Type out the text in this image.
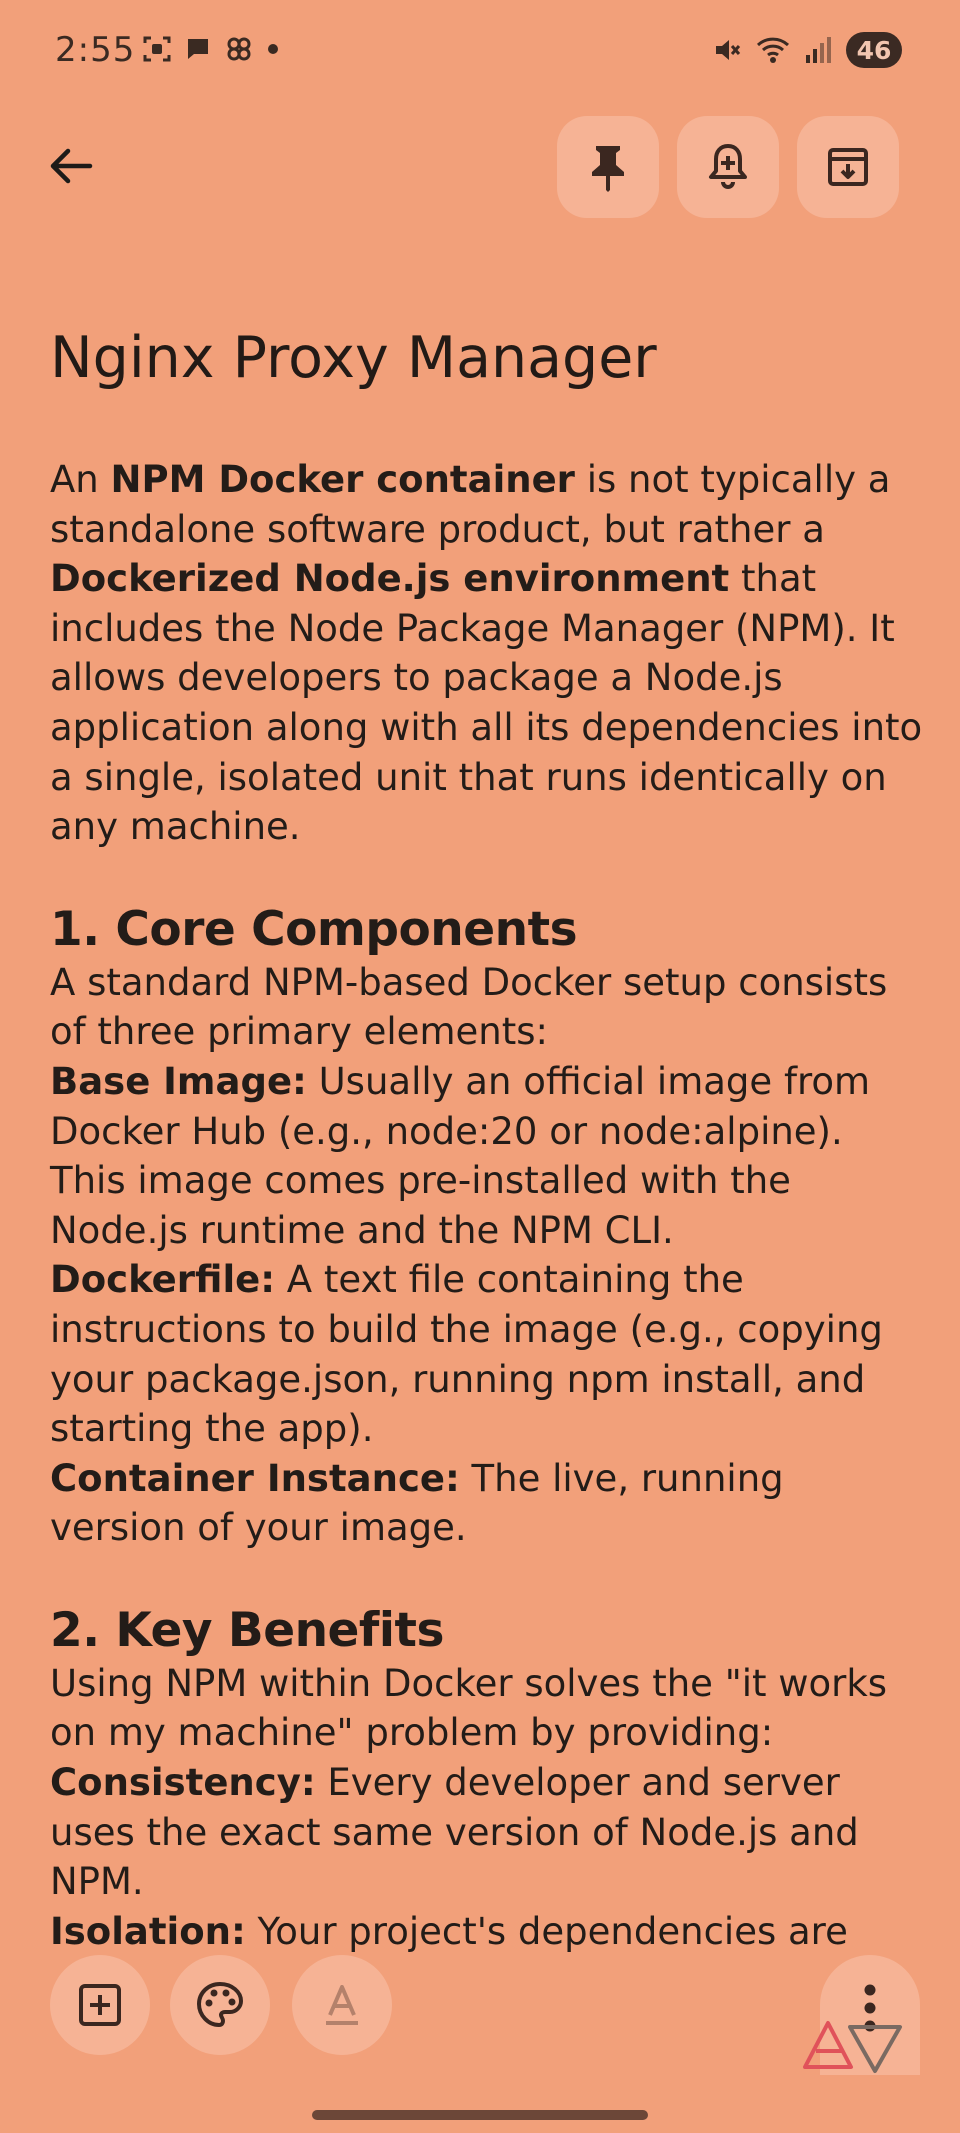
2:55	46
Nginx Proxy Manager

An NPM Docker container is not typically a standalone software product, but rather a Dockerized Node.js environment that includes the Node Package Manager (NPM). It allows developers to package a Node.js application along with all its dependencies into a single, isolated unit that runs identically on any machine.

1. Core Components

A standard NPM-based Docker setup consists of three primary elements:

Base Image: Usually an official image from Docker Hub (e.g., node:20 or node:alpine). This image comes pre-installed with the Node.js runtime and the NPM CLI.

Dockerfile: A text file containing the instructions to build the image (e.g., copying your package.json, running npm install, and starting the app).

Container Instance: The live, running version of your image.

2. Key Benefits

Using NPM within Docker solves the "it works on my machine" problem by providing:

Consistency: Every developer and server uses the exact same version of Node.js and NPM.

Isolation: Your project's dependencies are
